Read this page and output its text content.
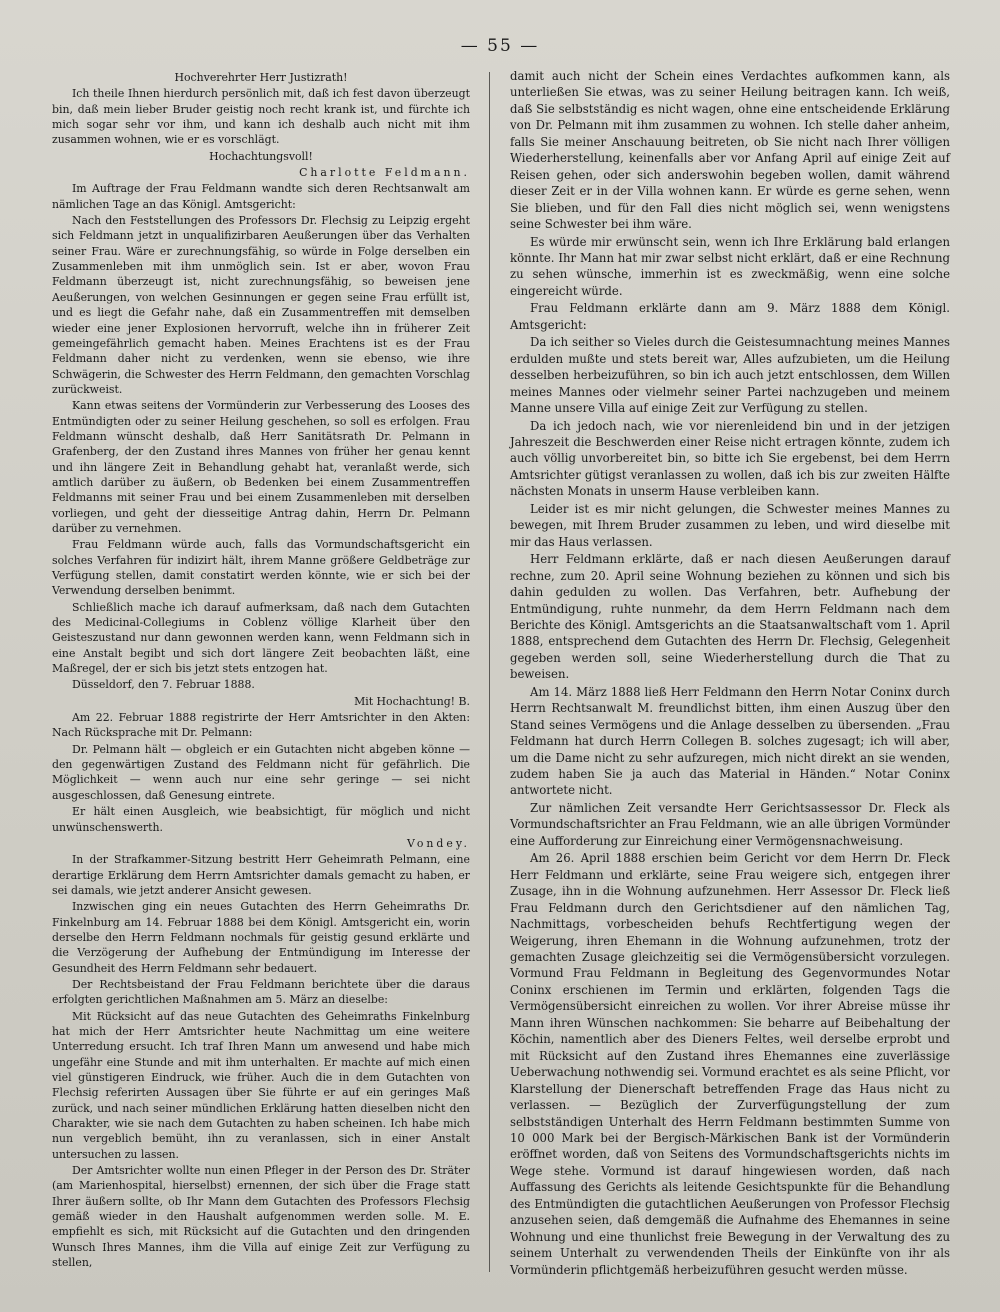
— 55 —

Hochverehrter Herr Justizrath!

Ich theile Ihnen hierdurch persönlich mit, daß ich fest davon überzeugt bin, daß mein lieber Bruder geistig noch recht krank ist, und fürchte ich mich sogar sehr vor ihm, und kann ich deshalb auch nicht mit ihm zusammen wohnen, wie er es vorschlägt.

Hochachtungsvoll!

Charlotte Feldmann.

Im Auftrage der Frau Feldmann wandte sich deren Rechtsanwalt am nämlichen Tage an das Königl. Amtsgericht:

Nach den Feststellungen des Professors Dr. Flechsig zu Leipzig ergeht sich Feldmann jetzt in unqualifizirbaren Aeußerungen über das Verhalten seiner Frau. Wäre er zurechnungsfähig, so würde in Folge derselben ein Zusammenleben mit ihm unmöglich sein. Ist er aber, wovon Frau Feldmann überzeugt ist, nicht zurechnungsfähig, so beweisen jene Aeußerungen, von welchen Gesinnungen er gegen seine Frau erfüllt ist, und es liegt die Gefahr nahe, daß ein Zusammentreffen mit demselben wieder eine jener Explosionen hervorruft, welche ihn in früherer Zeit gemeingefährlich gemacht haben. Meines Erachtens ist es der Frau Feldmann daher nicht zu verdenken, wenn sie ebenso, wie ihre Schwägerin, die Schwester des Herrn Feldmann, den gemachten Vorschlag zurückweist.

Kann etwas seitens der Vormünderin zur Verbesserung des Looses des Entmündigten oder zu seiner Heilung geschehen, so soll es erfolgen. Frau Feldmann wünscht deshalb, daß Herr Sanitätsrath Dr. Pelmann in Grafenberg, der den Zustand ihres Mannes von früher her genau kennt und ihn längere Zeit in Behandlung gehabt hat, veranlaßt werde, sich amtlich darüber zu äußern, ob Bedenken bei einem Zusammentreffen Feldmanns mit seiner Frau und bei einem Zusammenleben mit derselben vorliegen, und geht der diesseitige Antrag dahin, Herrn Dr. Pelmann darüber zu vernehmen.

Frau Feldmann würde auch, falls das Vormundschaftsgericht ein solches Verfahren für indizirt hält, ihrem Manne größere Geldbeträge zur Verfügung stellen, damit constatirt werden könnte, wie er sich bei der Verwendung derselben benimmt.

Schließlich mache ich darauf aufmerksam, daß nach dem Gutachten des Medicinal-Collegiums in Coblenz völlige Klarheit über den Geisteszustand nur dann gewonnen werden kann, wenn Feldmann sich in eine Anstalt begibt und sich dort längere Zeit beobachten läßt, eine Maßregel, der er sich bis jetzt stets entzogen hat.

Düsseldorf, den 7. Februar 1888.

Mit Hochachtung! B.

Am 22. Februar 1888 registrirte der Herr Amtsrichter in den Akten: Nach Rücksprache mit Dr. Pelmann:

Dr. Pelmann hält — obgleich er ein Gutachten nicht abgeben könne — den gegenwärtigen Zustand des Feldmann nicht für gefährlich. Die Möglichkeit — wenn auch nur eine sehr geringe — sei nicht ausgeschlossen, daß Genesung eintrete.

Er hält einen Ausgleich, wie beabsichtigt, für möglich und nicht unwünschenswerth.

Vondey.

In der Strafkammer-Sitzung bestritt Herr Geheimrath Pelmann, eine derartige Erklärung dem Herrn Amtsrichter damals gemacht zu haben, er sei damals, wie jetzt anderer Ansicht gewesen.

Inzwischen ging ein neues Gutachten des Herrn Geheimraths Dr. Finkelnburg am 14. Februar 1888 bei dem Königl. Amtsgericht ein, worin derselbe den Herrn Feldmann nochmals für geistig gesund erklärte und die Verzögerung der Aufhebung der Entmündigung im Interesse der Gesundheit des Herrn Feldmann sehr bedauert.

Der Rechtsbeistand der Frau Feldmann berichtete über die daraus erfolgten gerichtlichen Maßnahmen am 5. März an dieselbe:

Mit Rücksicht auf das neue Gutachten des Geheimraths Finkelnburg hat mich der Herr Amtsrichter heute Nachmittag um eine weitere Unterredung ersucht. Ich traf Ihren Mann um anwesend und habe mich ungefähr eine Stunde and mit ihm unterhalten. Er machte auf mich einen viel günstigeren Eindruck, wie früher. Auch die in dem Gutachten von Flechsig referirten Aussagen über Sie führte er auf ein geringes Maß zurück, und nach seiner mündlichen Erklärung hatten dieselben nicht den Charakter, wie sie nach dem Gutachten zu haben scheinen. Ich habe mich nun vergeblich bemüht, ihn zu veranlassen, sich in einer Anstalt untersuchen zu lassen.

Der Amtsrichter wollte nun einen Pfleger in der Person des Dr. Sträter (am Marienhospital, hierselbst) ernennen, der sich über die Frage statt Ihrer äußern sollte, ob Ihr Mann dem Gutachten des Professors Flechsig gemäß wieder in den Haushalt aufgenommen werden solle. M. E. empfiehlt es sich, mit Rücksicht auf die Gutachten und den dringenden Wunsch Ihres Mannes, ihm die Villa auf einige Zeit zur Verfügung zu stellen,

damit auch nicht der Schein eines Verdachtes aufkommen kann, als unterließen Sie etwas, was zu seiner Heilung beitragen kann. Ich weiß, daß Sie selbstständig es nicht wagen, ohne eine entscheidende Erklärung von Dr. Pelmann mit ihm zusammen zu wohnen. Ich stelle daher anheim, falls Sie meiner Anschauung beitreten, ob Sie nicht nach Ihrer völligen Wiederherstellung, keinenfalls aber vor Anfang April auf einige Zeit auf Reisen gehen, oder sich anderswohin begeben wollen, damit während dieser Zeit er in der Villa wohnen kann. Er würde es gerne sehen, wenn Sie blieben, und für den Fall dies nicht möglich sei, wenn wenigstens seine Schwester bei ihm wäre.

Es würde mir erwünscht sein, wenn ich Ihre Erklärung bald erlangen könnte. Ihr Mann hat mir zwar selbst nicht erklärt, daß er eine Rechnung zu sehen wünsche, immerhin ist es zweckmäßig, wenn eine solche eingereicht würde.

Frau Feldmann erklärte dann am 9. März 1888 dem Königl. Amtsgericht:

Da ich seither so Vieles durch die Geistesumnachtung meines Mannes erdulden mußte und stets bereit war, Alles aufzubieten, um die Heilung desselben herbeizuführen, so bin ich auch jetzt entschlossen, dem Willen meines Mannes oder vielmehr seiner Partei nachzugeben und meinem Manne unsere Villa auf einige Zeit zur Verfügung zu stellen.

Da ich jedoch nach, wie vor nierenleidend bin und in der jetzigen Jahreszeit die Beschwerden einer Reise nicht ertragen könnte, zudem ich auch völlig unvorbereitet bin, so bitte ich Sie ergebenst, bei dem Herrn Amtsrichter gütigst veranlassen zu wollen, daß ich bis zur zweiten Hälfte nächsten Monats in unserm Hause verbleiben kann.

Leider ist es mir nicht gelungen, die Schwester meines Mannes zu bewegen, mit Ihrem Bruder zusammen zu leben, und wird dieselbe mit mir das Haus verlassen.

Herr Feldmann erklärte, daß er nach diesen Aeußerungen darauf rechne, zum 20. April seine Wohnung beziehen zu können und sich bis dahin gedulden zu wollen. Das Verfahren, betr. Aufhebung der Entmündigung, ruhte nunmehr, da dem Herrn Feldmann nach dem Berichte des Königl. Amtsgerichts an die Staatsanwaltschaft vom 1. April 1888, entsprechend dem Gutachten des Herrn Dr. Flechsig, Gelegenheit gegeben werden soll, seine Wiederherstellung durch die That zu beweisen.

Am 14. März 1888 ließ Herr Feldmann den Herrn Notar Coninx durch Herrn Rechtsanwalt M. freundlichst bitten, ihm einen Auszug über den Stand seines Vermögens und die Anlage desselben zu übersenden. „Frau Feldmann hat durch Herrn Collegen B. solches zugesagt; ich will aber, um die Dame nicht zu sehr aufzuregen, mich nicht direkt an sie wenden, zudem haben Sie ja auch das Material in Händen.“ Notar Coninx antwortete nicht.

Zur nämlichen Zeit versandte Herr Gerichtsassessor Dr. Fleck als Vormundschaftsrichter an Frau Feldmann, wie an alle übrigen Vormünder eine Aufforderung zur Einreichung einer Vermögensnachweisung.

Am 26. April 1888 erschien beim Gericht vor dem Herrn Dr. Fleck Herr Feldmann und erklärte, seine Frau weigere sich, entgegen ihrer Zusage, ihn in die Wohnung aufzunehmen. Herr Assessor Dr. Fleck ließ Frau Feldmann durch den Gerichtsdiener auf den nämlichen Tag, Nachmittags, vorbescheiden behufs Rechtfertigung wegen der Weigerung, ihren Ehemann in die Wohnung aufzunehmen, trotz der gemachten Zusage gleichzeitig sei die Vermögensübersicht vorzulegen. Vormund Frau Feldmann in Begleitung des Gegenvormundes Notar Coninx erschienen im Termin und erklärten, folgenden Tags die Vermögensübersicht einreichen zu wollen. Vor ihrer Abreise müsse ihr Mann ihren Wünschen nachkommen: Sie beharre auf Beibehaltung der Köchin, namentlich aber des Dieners Feltes, weil derselbe erprobt und mit Rücksicht auf den Zustand ihres Ehemannes eine zuverlässige Ueberwachung nothwendig sei. Vormund erachtet es als seine Pflicht, vor Klarstellung der Dienerschaft betreffenden Frage das Haus nicht zu verlassen. — Bezüglich der Zurverfügungstellung der zum selbstständigen Unterhalt des Herrn Feldmann bestimmten Summe von 10 000 Mark bei der Bergisch-Märkischen Bank ist der Vormünderin eröffnet worden, daß von Seitens des Vormundschaftsgerichts nichts im Wege stehe. Vormund ist darauf hingewiesen worden, daß nach Auffassung des Gerichts als leitende Gesichtspunkte für die Behandlung des Entmündigten die gutachtlichen Aeußerungen von Professor Flechsig anzusehen seien, daß demgemäß die Aufnahme des Ehemannes in seine Wohnung und eine thunlichst freie Bewegung in der Verwaltung des zu seinem Unterhalt zu verwendenden Theils der Einkünfte von ihr als Vormünderin pflichtgemäß herbeizuführen gesucht werden müsse.
